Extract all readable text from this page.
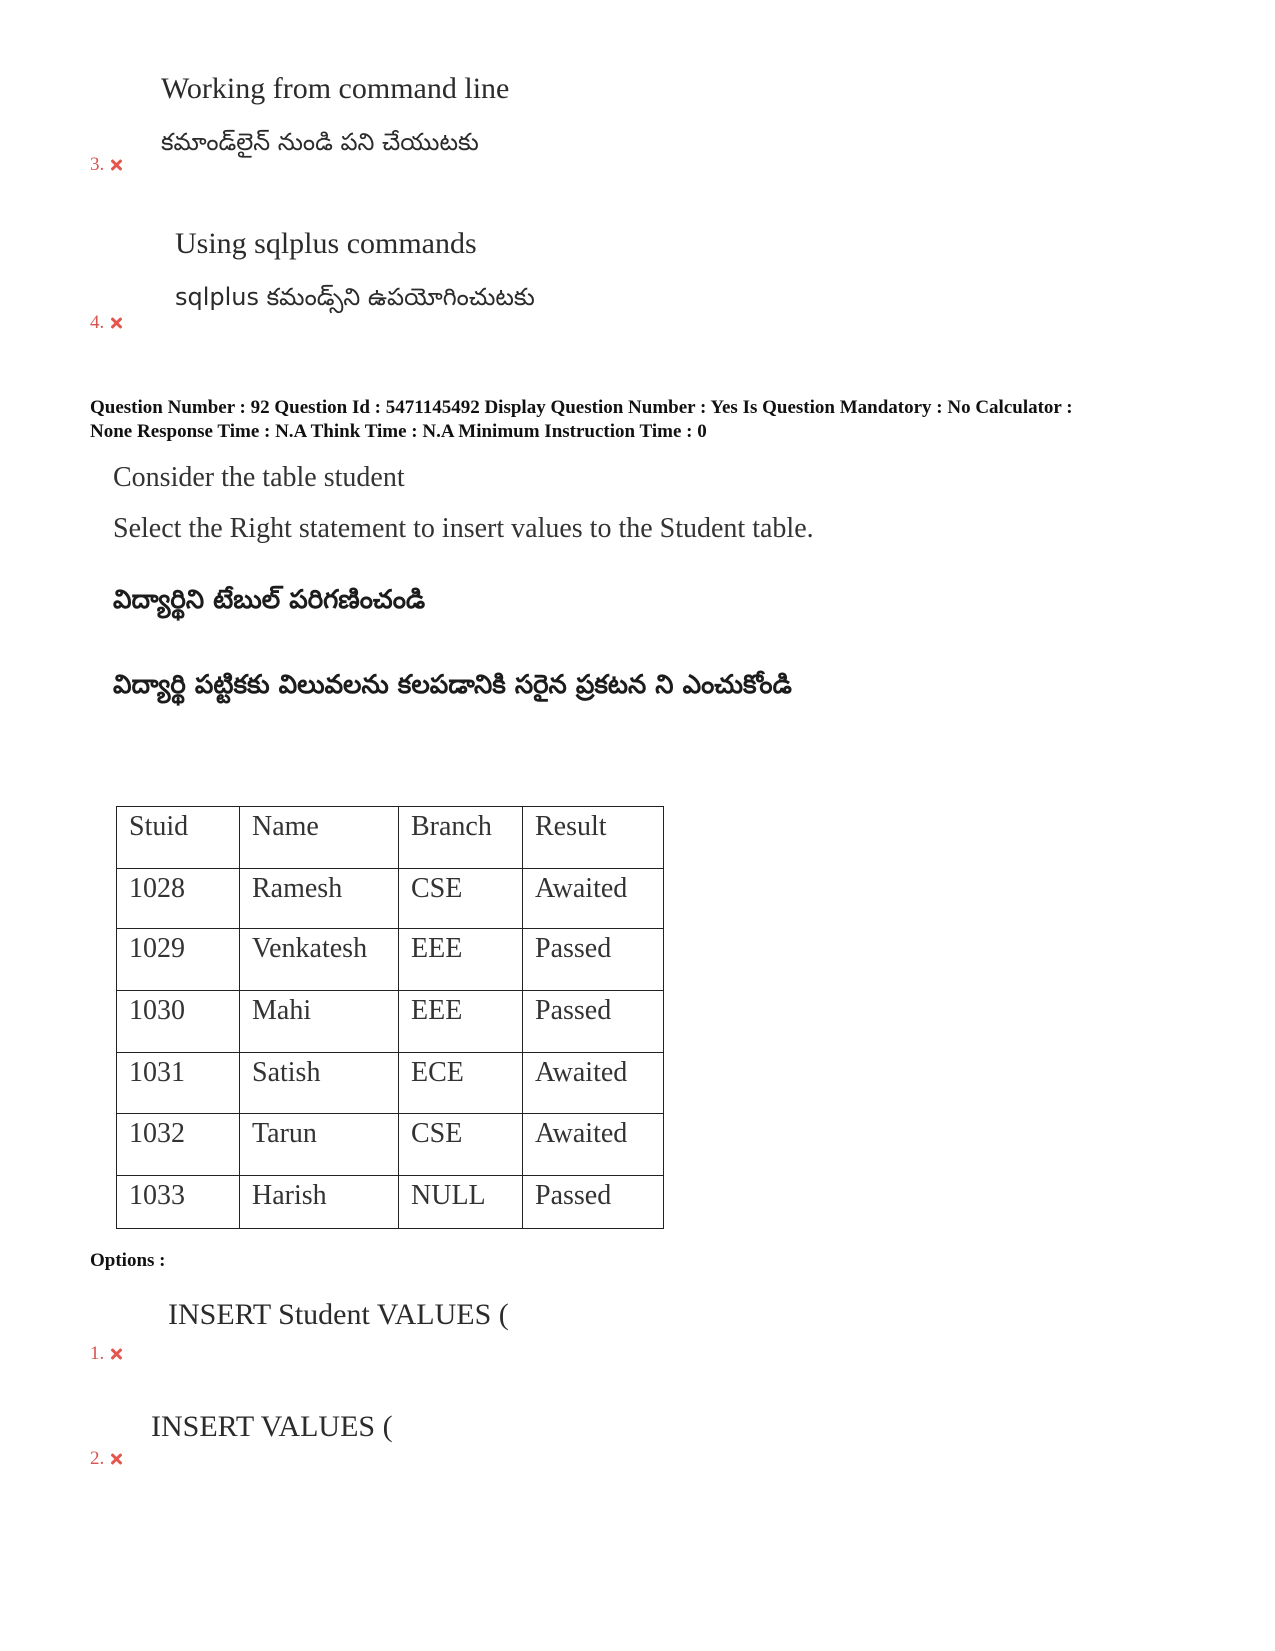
Working from command line
కమాండ్‌లైన్ నుండి పని చేయుటకు
3.
Using sqlplus commands
sqlplus కమండ్స్‌ని ఉపయోగించుటకు
4.
Question Number : 92 Question Id : 5471145492 Display Question Number : Yes Is Question Mandatory : No Calculator :
None Response Time : N.A Think Time : N.A Minimum Instruction Time : 0
Consider the table student
Select the Right statement to insert values to the Student table.
విద్యార్థిని టేబుల్ పరిగణించండి
విద్యార్థి పట్టికకు విలువలను కలపడానికి సరైన ప్రకటన ని ఎంచుకోండి
Stuid	Name	Branch	Result
1028	Ramesh	CSE	Awaited
1029	Venkatesh	EEE	Passed
1030	Mahi	EEE	Passed
1031	Satish	ECE	Awaited
1032	Tarun	CSE	Awaited
1033	Harish	NULL	Passed
Options :
INSERT Student VALUES (
1.
INSERT VALUES (
2.
